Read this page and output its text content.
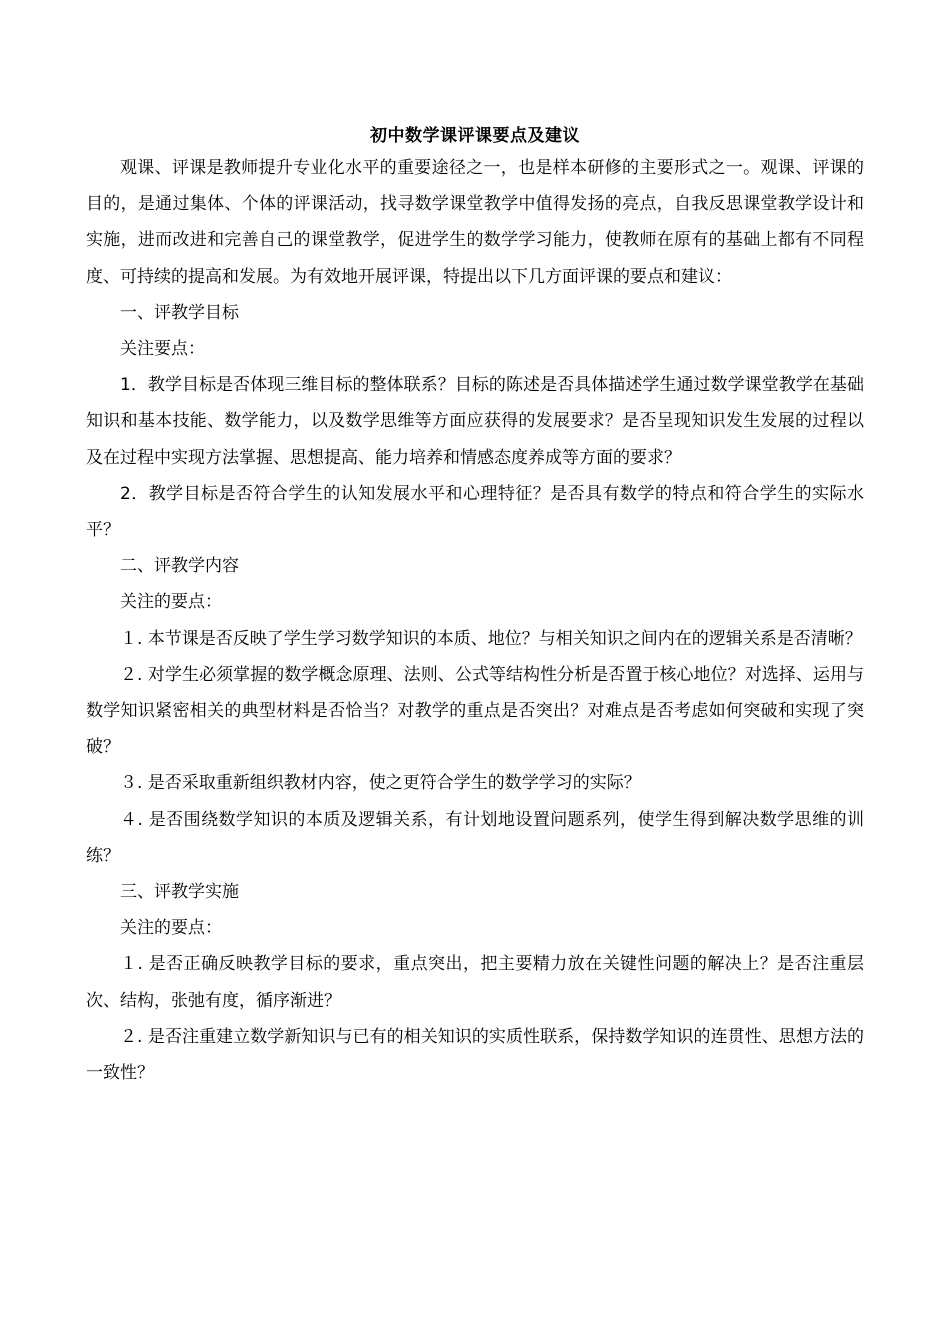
初中数学课评课要点及建议

观课、评课是教师提升专业化水平的重要途径之一，也是样本研修的主要形式之一。观课、评课的目的，是通过集体、个体的评课活动，找寻数学课堂教学中值得发扬的亮点，自我反思课堂教学设计和实施，进而改进和完善自己的课堂教学，促进学生的数学学习能力，使教师在原有的基础上都有不同程度、可持续的提高和发展。为有效地开展评课，特提出以下几方面评课的要点和建议：

一、评教学目标

关注要点：

1．教学目标是否体现三维目标的整体联系？目标的陈述是否具体描述学生通过数学课堂教学在基础知识和基本技能、数学能力，以及数学思维等方面应获得的发展要求？是否呈现知识发生发展的过程以及在过程中实现方法掌握、思想提高、能力培养和情感态度养成等方面的要求？

2．教学目标是否符合学生的认知发展水平和心理特征？是否具有数学的特点和符合学生的实际水平？

二、评教学内容

关注的要点：

１. 本节课是否反映了学生学习数学知识的本质、地位？与相关知识之间内在的逻辑关系是否清晰？

２. 对学生必须掌握的数学概念原理、法则、公式等结构性分析是否置于核心地位？对选择、运用与数学知识紧密相关的典型材料是否恰当？对教学的重点是否突出？对难点是否考虑如何突破和实现了突破？

３. 是否采取重新组织教材内容，使之更符合学生的数学学习的实际？

４. 是否围绕数学知识的本质及逻辑关系，有计划地设置问题系列，使学生得到解决数学思维的训练？

三、评教学实施

关注的要点：

１. 是否正确反映教学目标的要求，重点突出，把主要精力放在关键性问题的解决上？是否注重层次、结构，张弛有度，循序渐进？

２. 是否注重建立数学新知识与已有的相关知识的实质性联系，保持数学知识的连贯性、思想方法的一致性？
